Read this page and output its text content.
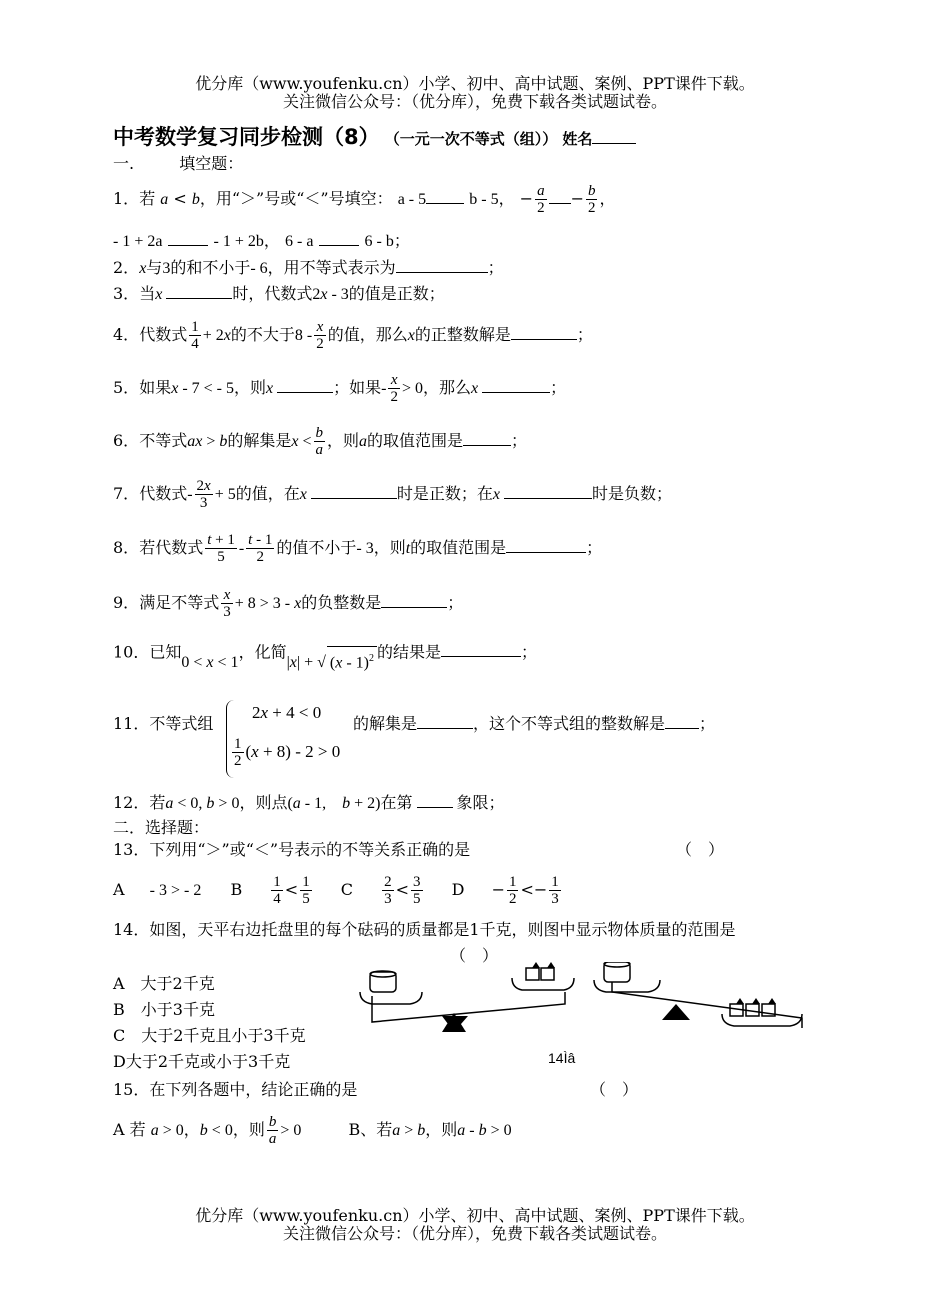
优分库（www.youfenku.cn）小学、初中、高中试题、案例、PPT课件下载。
关注微信公众号：（优分库），免费下载各类试题试卷。
中考数学复习同步检测（8） （一元一次不等式（组）） 姓名
一.	填空题：
1．若 a < b，用“＞”号或“＜”号填空： a - 5	b - 5， − $\frac{a}{2} - \frac{b}{2}$ ，
- 1 + 2a	- 1 + 2b， 6 - a	6 - b；
2．x与3的和不小于- 6，用不等式表示为	；
3．当x	时，代数式2x - 3的值是正数；
4．代数式 $\frac{1}{4} + 2x$的不大于$8 - \frac{x}{2}$ 的值，那么x的正整数解是	；
5．如果x - 7 < - 5，则x	；如果- $\frac{x}{2} > 0$，那么x	；
6．不等式ax > b的解集是$x < \frac{b}{a}$ ，则a的取值范围是	；
7．代数式- $\frac{2x}{3} + 5$的值，在x	时是正数；在x	时是负数；
8．若代数式 $\frac{t + 1}{5} - \frac{t - 1}{2}$ 的值不小于- 3，则t的取值范围是	；
9．满足不等式 $\frac{x}{3} + 8 > 3 - x$的负整数是	；
10．已知0 < x < 1，化简|x| + √ (x - 1)$^2$ 的结果是	；
11．不等式组
2x + 4 < 0
$\frac{1}{2} (x + 8) - 2 > 0$
的解集是	，这个不等式组的整数解是 ；
12．若a < 0, b > 0，则点(a - 1,　b + 2)在第	象限；
二．选择题：
13．下列用“＞”或“＜”号表示的不等关系正确的是	（　）
A - 3 > - 2 B $\frac{1}{4} < \frac{1}{5}$ C $\frac{2}{3} < \frac{3}{5}$ $D - \frac{1}{2} <- \frac{1}{3}$
14．如图，天平右边托盘里的每个砝码的质量都是1千克，则图中显示物体质量的范围是
（　）
A　大于2千克
B　小于3千克
C　大于2千克且小于3千克
D大于2千克或小于3千克	14Ìâ
15．在下列各题中，结论正确的是	（　）
A 若 a > 0，b < 0，则 $\frac{b}{a} > 0$	B、若a > b，则a - b > 0
优分库（www.youfenku.cn）小学、初中、高中试题、案例、PPT课件下载。
关注微信公众号：（优分库），免费下载各类试题试卷。
